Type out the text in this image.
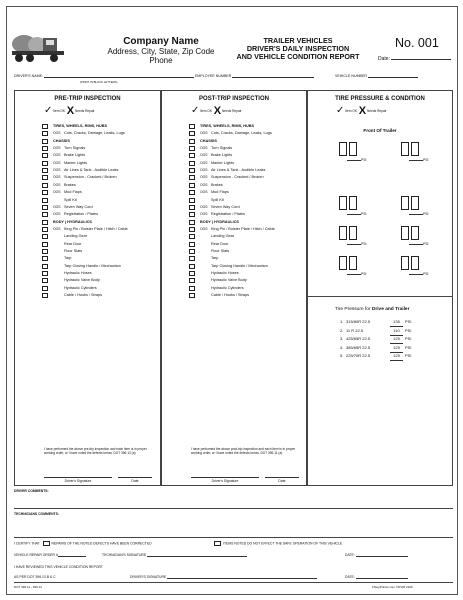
Company Name
Address, City, State, Zip Code
Phone
TRAILER VEHICLES
DRIVER'S DAILY INSPECTION
AND VEHICLE CONDITION REPORT
No. 001
Date:
DRIVER'S NAME:
(PRINT IN BLOCK LETTERS)
EMPLOYEE NUMBER	VEHICLE NUMBER
PRE-TRIP INSPECTION	POST-TRIP INSPECTION	TIRE PRESSURE & CONDITION
✓ Item OK X Needs Repair	✓ Item OK X Needs Repair	✓ Item OK X Needs Repair
TIRES, WHEELS, RIMS, HUBS
OOS Cuts, Cracks, Damage, Leaks, Lugs
CHASSIS
OOS Turn Signals
OOS Brake Lights
OOS Marker Lights
OOS Air Lines & Tank - Audible Leaks
OOS Suspension - Cracked / Broken
OOS Brakes
OOS Mud Flaps
Spill Kit
OOS Seven Way Cord
OOS Registration / Plates
BODY | HYDRAULICS
OOS King Pin / Bolster Plate / Hitch / Cable
Landing Gear
Rear Door
Floor Slats
Tarp
Tarp Closing Handle / Mechanism
Hydraulic Hoses
Hydraulic Valve Body
Hydraulic Cylinders
Cable / Hooks / Straps
TIRES, WHEELS, RIMS, HUBS
OOS Cuts, Cracks, Damage, Leaks, Lugs
CHASSIS
OOS Turn Signals
OOS Brake Lights
OOS Marker Lights
OOS Air Lines & Tank - Audible Leaks
OOS Suspension - Cracked / Broken
OOS Brakes
OOS Mud Flaps
Spill Kit
OOS Seven Way Cord
OOS Registration / Plates
BODY | HYDRAULICS
OOS King Pin / Bolster Plate / Hitch / Cable
Landing Gear
Rear Door
Floor Slats
Tarp
Tarp Closing Handle / Mechanism
Hydraulic Hoses
Hydraulic Valve Body
Hydraulic Cylinders
Cable / Hooks / Straps
I have performed the above pre-trip inspection and each item is in proper working order, or I have noted the defects below. DOT 396.13 (a)
I have performed the above post-trip inspection and each item is in proper working order, or I have noted the defects below. DOT 396.11 (a)
Driver's Signature	Date	Driver's Signature	Date
Front Of Trailer
PSI	PSI
PSI	PSI
PSI	PSI
PSI	PSI
Tire Pressure for Drive and Trailer
1. 315/80R 22.5	135 PSI
2. 11 R 22.5	110 PSI
3. 425/65R 22.5	125 PSI
4. 385/65R 22.5	125 PSI
5. 225/70R 22.5	125 PSI
DRIVER COMMENTS:
TECHNICIANS COMMENTS:
I CERTIFY THAT	REPAIRS OF THE NOTED DEFECTS HAVE BEEN CORRECTED	ITEMS NOTED DO NOT EFFECT THE SAFE OPERATION OF THIS VEHICLE
VEHICLE REPAIR ORDER #	TECHNICIAN'S SIGNATURE	DATE:
I HAVE REVIEWED THIS VEHICLE CONDITION REPORT
AS PER DOT 396.13 B & C	DRIVER'S SIGNATURE	DATE:
DOT 396.11 - 396.13	1StopPrinter.com ©DVIR 2226
